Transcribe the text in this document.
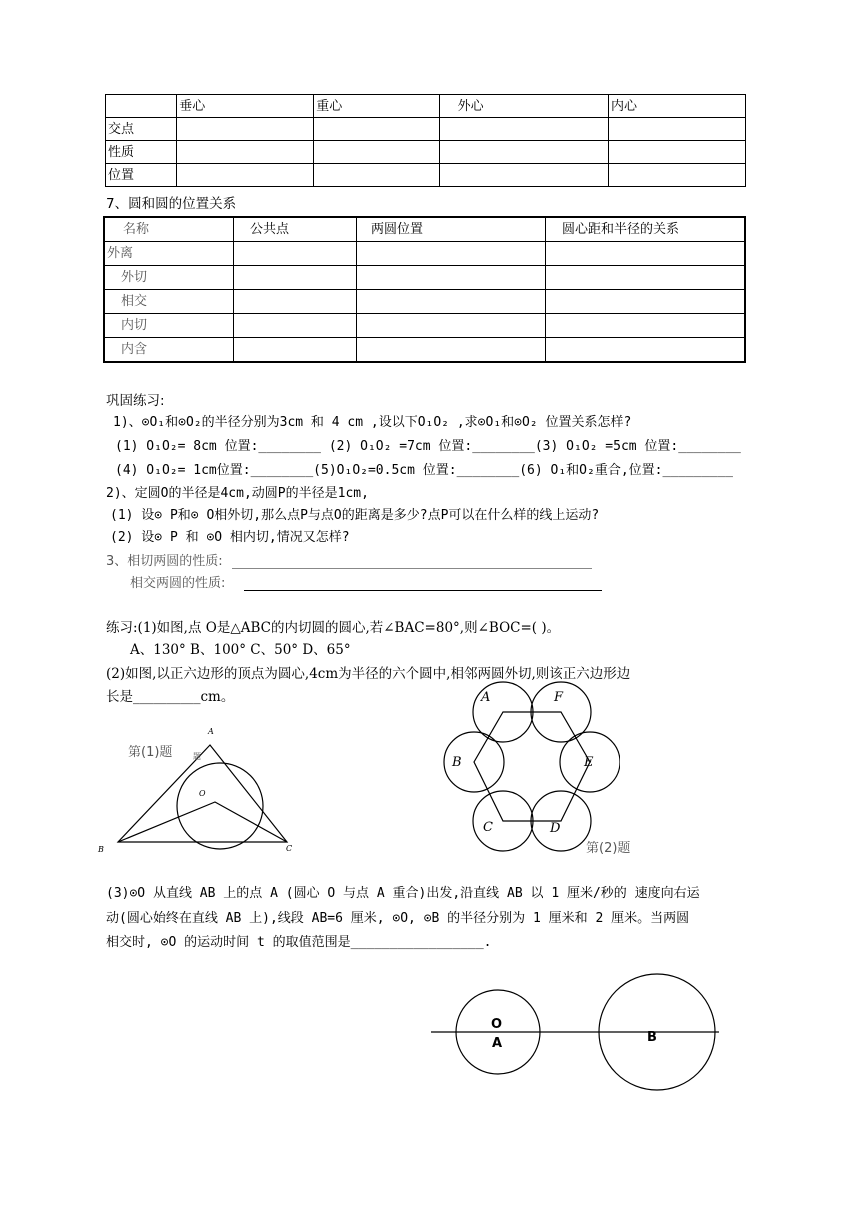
	垂心	重心	外心	内心
交点				
性质				
位置				
7、圆和圆的位置关系
名称	公共点	两圆位置	圆心距和半径的关系
外离			
外切			
相交			
内切			
内含			
巩固练习:
1)、⊙O₁和⊙O₂的半径分别为3cm 和 4 cm ,设以下O₁O₂ ,求⊙O₁和⊙O₂ 位置关系怎样?
(1) O₁O₂= 8cm 位置:________ (2) O₁O₂ =7cm 位置:________(3) O₁O₂ =5cm 位置:________
(4) O₁O₂= 1cm位置:________(5)O₁O₂=0.5cm 位置:________(6) O₁和O₂重合,位置:_________
2)、定圆O的半径是4cm,动圆P的半径是1cm,
(1) 设⊙ P和⊙ O相外切,那么点P与点O的距离是多少?点P可以在什么样的线上运动?
(2) 设⊙ P 和 ⊙O 相内切,情况又怎样?
3、相切两圆的性质:
相交两圆的性质:
练习:(1)如图,点 O是△ABC的内切圆的圆心,若∠BAC=80°,则∠BOC=( )。
A、130° B、100° C、50° D、65°
(2)如图,以正六边形的顶点为圆心,4cm为半径的六个圆中,相邻两圆外切,则该正六边形边
长是__________cm。
A
B	C
O
第(1)题	题
A	F
E
D
C
B
第(2)题
(3)⊙O 从直线 AB 上的点 A (圆心 O 与点 A 重合)出发,沿直线 AB 以 1 厘米/秒的 速度向右运
动(圆心始终在直线 AB 上),线段 AB=6 厘米, ⊙O, ⊙B 的半径分别为 1 厘米和 2 厘米。当两圆
相交时, ⊙O 的运动时间 t 的取值范围是_________________.
O
A	B
